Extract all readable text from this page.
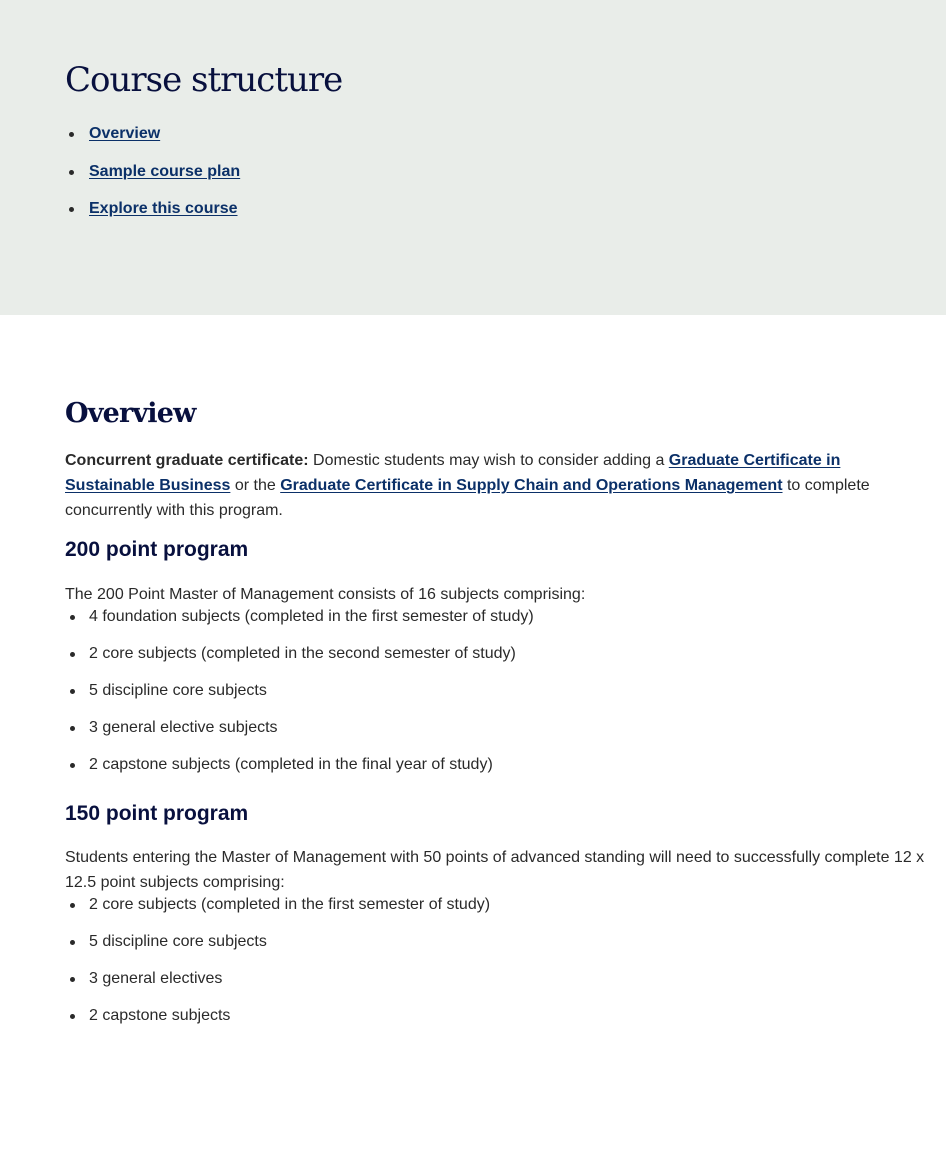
Course structure
Overview
Sample course plan
Explore this course
Overview

Concurrent graduate certificate: Domestic students may wish to consider adding a Graduate Certificate in Sustainable Business or the Graduate Certificate in Supply Chain and Operations Management to complete concurrently with this program.

200 point program

The 200 Point Master of Management consists of 16 subjects comprising:

4 foundation subjects (completed in the first semester of study)
2 core subjects (completed in the second semester of study)
5 discipline core subjects
3 general elective subjects
2 capstone subjects (completed in the final year of study)
150 point program

Students entering the Master of Management with 50 points of advanced standing will need to successfully complete 12 x 12.5 point subjects comprising:

2 core subjects (completed in the first semester of study)
5 discipline core subjects
3 general electives
2 capstone subjects
